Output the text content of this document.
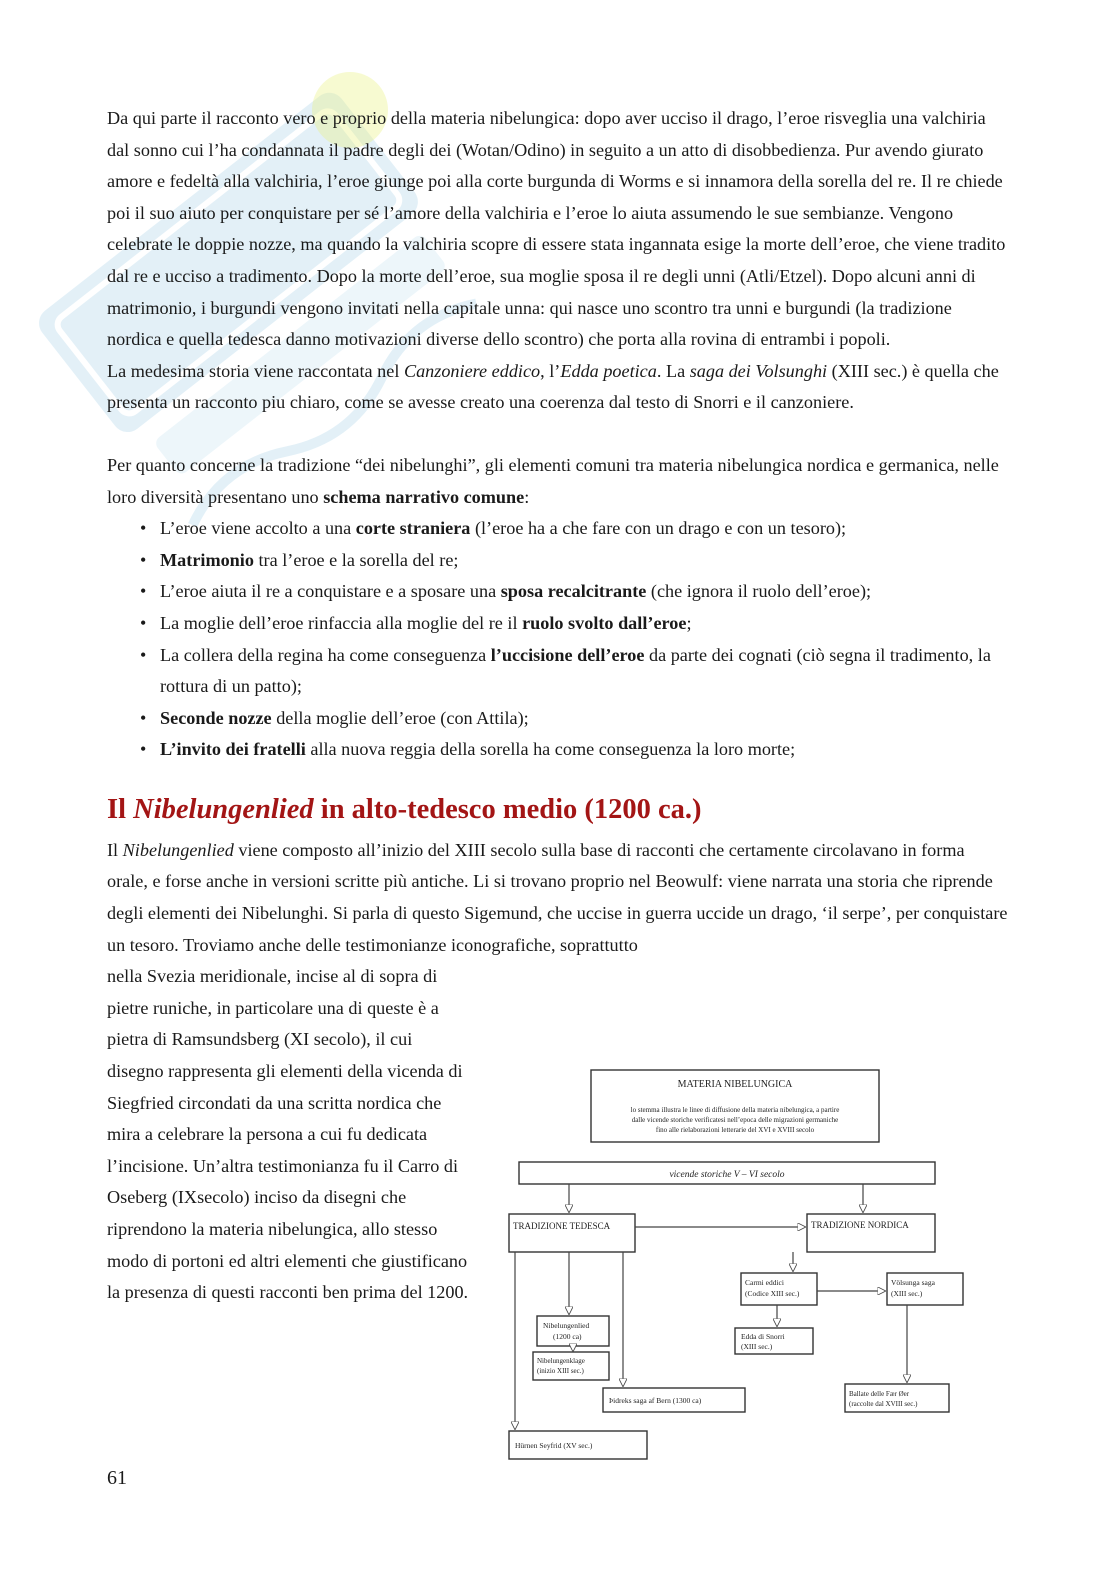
Da qui parte il racconto vero e proprio della materia nibelungica: dopo aver ucciso il drago, l’eroe risveglia una valchiria dal sonno cui l’ha condannata il padre degli dei (Wotan/Odino) in seguito a un atto di disobbedienza. Pur avendo giurato amore e fedeltà alla valchiria, l’eroe giunge poi alla corte burgunda di Worms e si innamora della sorella del re. Il re chiede poi il suo aiuto per conquistare per sé l’amore della valchiria e l’eroe lo aiuta assumendo le sue sembianze. Vengono celebrate le doppie nozze, ma quando la valchiria scopre di essere stata ingannata esige la morte dell’eroe, che viene tradito dal re e ucciso a tradimento. Dopo la morte dell’eroe, sua moglie sposa il re degli unni (Atli/Etzel). Dopo alcuni anni di matrimonio, i burgundi vengono invitati nella capitale unna: qui nasce uno scontro tra unni e burgundi (la tradizione nordica e quella tedesca danno motivazioni diverse dello scontro) che porta alla rovina di entrambi i popoli.

La medesima storia viene raccontata nel Canzoniere eddico, l’Edda poetica. La saga dei Volsunghi (XIII sec.) è quella che presenta un racconto piu chiaro, come se avesse creato una coerenza dal testo di Snorri e il canzoniere.

Per quanto concerne la tradizione “dei nibelunghi”, gli elementi comuni tra materia nibelungica nordica e germanica, nelle loro diversità presentano uno schema narrativo comune:

• L’eroe viene accolto a una corte straniera (l’eroe ha a che fare con un drago e con un tesoro);
• Matrimonio tra l’eroe e la sorella del re;
• L’eroe aiuta il re a conquistare e a sposare una sposa recalcitrante (che ignora il ruolo dell’eroe);
• La moglie dell’eroe rinfaccia alla moglie del re il ruolo svolto dall’eroe;
• La collera della regina ha come conseguenza l’uccisione dell’eroe da parte dei cognati (ciò segna il tradimento, la rottura di un patto);
• Seconde nozze della moglie dell’eroe (con Attila);
• L’invito dei fratelli alla nuova reggia della sorella ha come conseguenza la loro morte;
Il Nibelungenlied in alto-tedesco medio (1200 ca.)

Il Nibelungenlied viene composto all’inizio del XIII secolo sulla base di racconti che certamente circolavano in forma orale, e forse anche in versioni scritte più antiche. Li si trovano proprio nel Beowulf: viene narrata una storia che riprende degli elementi dei Nibelunghi. Si parla di questo Sigemund, che uccise in guerra uccide un drago, ‘il serpe’, per conquistare un tesoro. Troviamo anche delle testimonianze iconografiche, soprattutto

nella Svezia meridionale, incise al di sopra di pietre runiche, in particolare una di queste è a pietra di Ramsundsberg (XI secolo), il cui disegno rappresenta gli elementi della vicenda di Siegfried circondati da una scritta nordica che mira a celebrare la persona a cui fu dedicata l’incisione. Un’altra testimonianza fu il Carro di Oseberg (IXsecolo) inciso da disegni che riprendono la materia nibelungica, allo stesso modo di portoni ed altri elementi che giustificano la presenza di questi racconti ben prima del 1200.

MATERIA NIBELUNGICA
lo stemma illustra le linee di diffusione della materia nibelungica, a partire
dalle vicende storiche verificatesi nell’epoca delle migrazioni germaniche
fino alle rielaborazioni letterarie del XVI e XVIII secolo
vicende storiche V – VI secolo
TRADIZIONE TEDESCA	TRADIZIONE NORDICA
Carmi eddici
(Codice XIII sec.)
Völsunga saga
(XIII sec.)
Edda di Snorri
(XIII sec.)
Nibelungenlied
(1200 ca)
Nibelungenklage
(inizio XIII sec.)
Þidreks saga af Bern (1300 ca)
Ballate delle Fær Øer
(raccolte dal XVIII sec.)
Hürnen Seyfrid (XV sec.)
61
